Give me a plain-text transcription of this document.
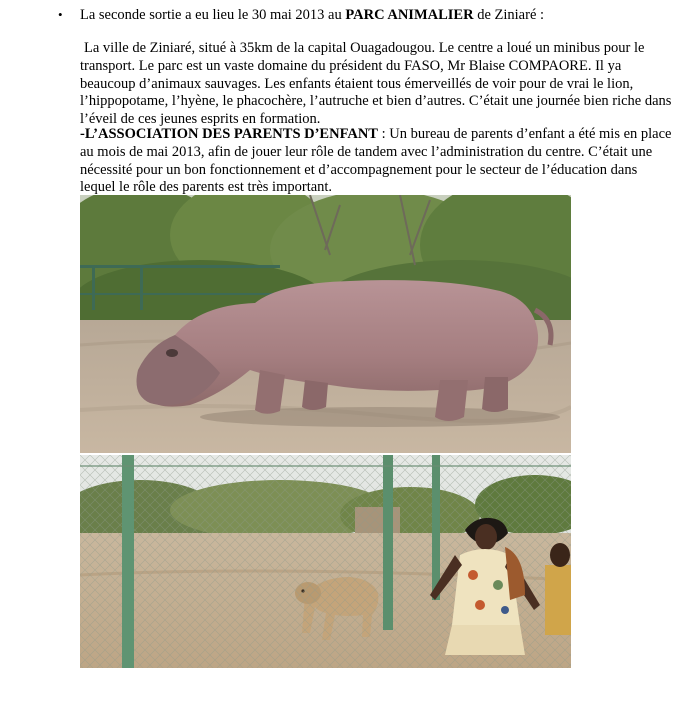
• La seconde sortie a eu lieu le 30 mai 2013 au PARC ANIMALIER de Ziniaré :
La ville de Ziniaré, situé à 35km de la capital Ouagadougou. Le centre a loué un minibus pour le transport. Le parc est un vaste domaine du président du FASO, Mr Blaise COMPAORE. Il ya beaucoup d’animaux sauvages. Les enfants étaient tous émerveillés de voir pour de vrai le lion, l’hippopotame, l’hyène, le phacochère, l’autruche et bien d’autres. C’était une journée bien riche dans l’éveil de ces jeunes esprits en formation.
-L’ASSOCIATION DES PARENTS D’ENFANT : Un bureau de parents d’enfant a été mis en place au mois de mai 2013, afin de jouer leur rôle de tandem avec l’administration du centre. C’était une nécessité pour un bon fonctionnement et d’accompagnement pour le secteur de l’éducation dans lequel le rôle des parents est très important.
